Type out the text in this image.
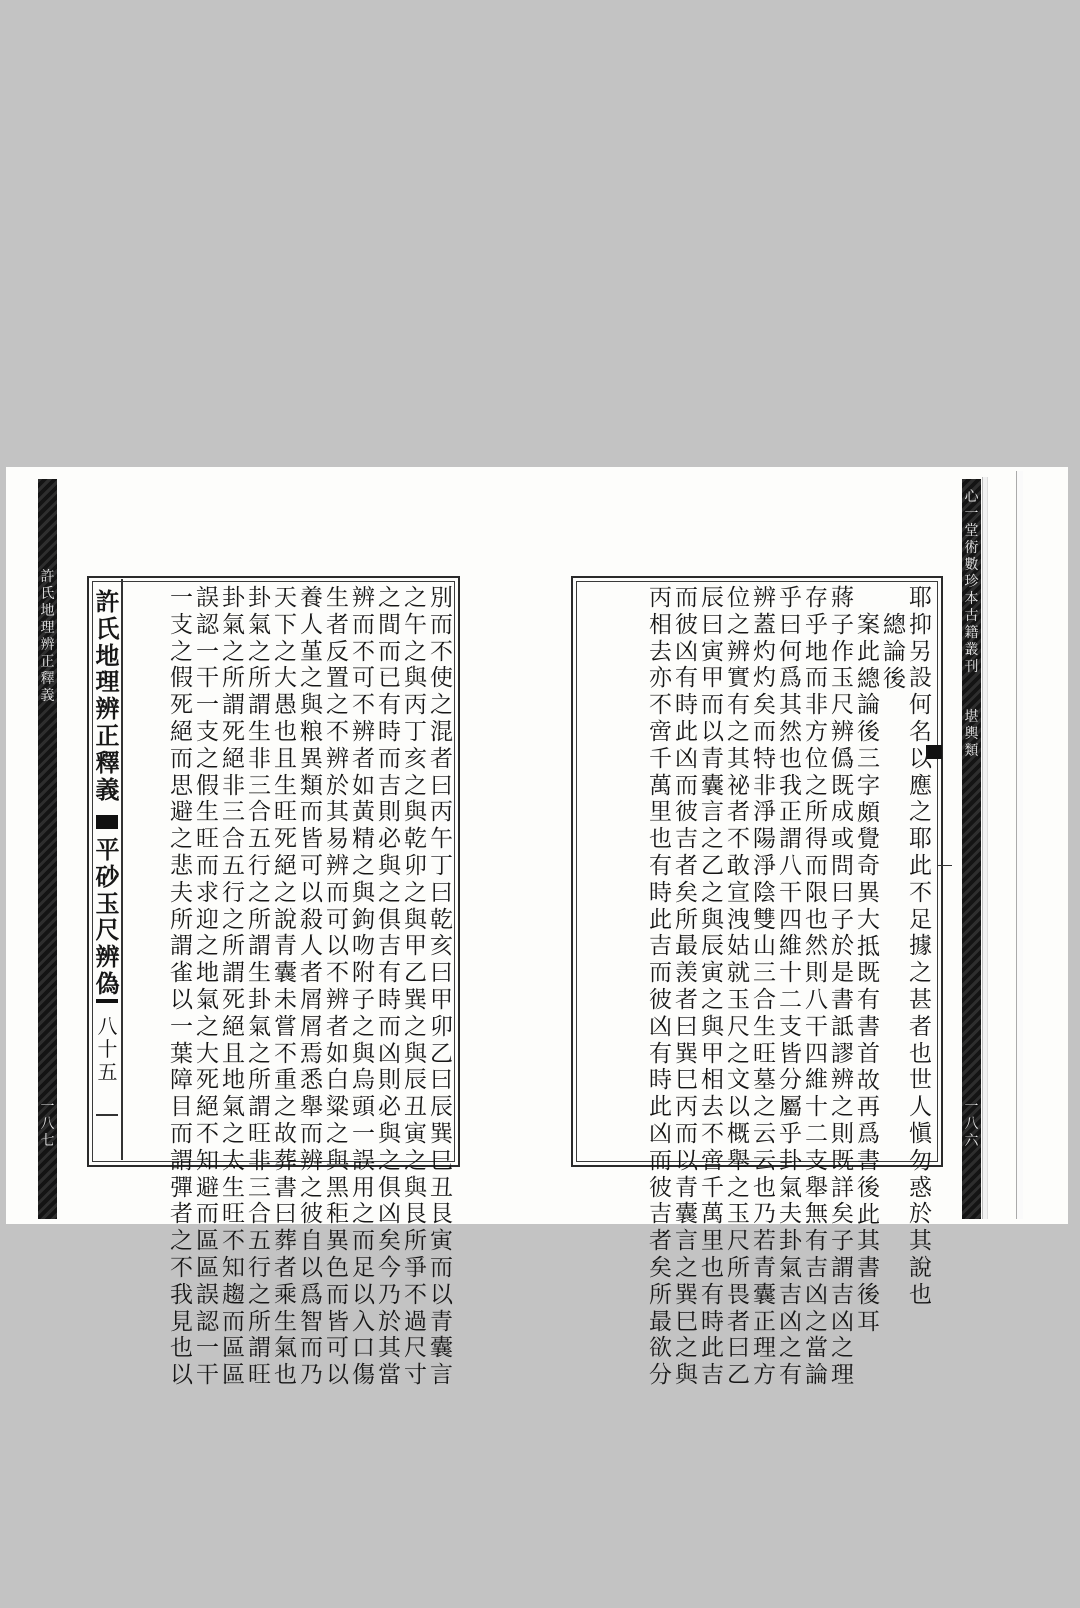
許
氏
地
理
辨
正
釋
義
一
八
七
心
一
堂
術
數
珍
本
古
籍
叢
刊
堪
輿
類
一
八
六
許
氏
地
理
辨
正
釋
義
平
砂
玉
尺
辨
偽
八
十
五
別
而
不
使
之
混
者
曰
丙
午
丁
曰
乾
亥
曰
甲
卯
乙
曰
辰
巽
巳
丑
艮
寅
而
以
青
囊
言
之
午
之
與
丙
丁
亥
之
與
乾
卯
之
與
甲
乙
巽
之
與
辰
丑
寅
之
與
艮
所
爭
不
過
尺
寸
之
間
而
已
有
時
而
吉
則
必
與
之
俱
吉
有
時
而
凶
則
必
與
之
俱
凶
矣
今
乃
於
其
當
辨
而
不
可
不
辨
者
如
黃
精
之
與
鉤
吻
附
子
之
與
烏
頭
一
誤
用
之
而
足
以
入
口
傷
生
者
反
置
之
不
辨
於
其
易
辨
而
可
以
不
辨
者
如
白
粱
之
與
黑
秬
異
色
而
皆
可
以
養
人
堇
之
與
粮
異
類
而
皆
可
以
殺
人
者
屑
屑
焉
悉
舉
而
辨
之
彼
自
以
爲
智
而
乃
天
下
之
大
愚
也
且
生
旺
死
絕
之
說
青
囊
未
嘗
不
重
之
故
葬
書
曰
葬
者
乘
生
氣
也
卦
氣
之
所
謂
生
非
三
合
五
行
之
所
謂
生
卦
氣
之
所
謂
旺
非
三
合
五
行
之
所
謂
旺
卦
氣
之
所
謂
死
絕
非
三
合
五
行
之
所
謂
死
絕
且
地
氣
之
太
生
旺
不
知
趨
而
區
區
誤
認
一
干
一
支
之
假
生
旺
而
求
迎
之
地
氣
之
大
死
絕
不
知
避
而
區
區
誤
認
一
干
一
支
之
假
死
絕
而
思
避
之
悲
夫
所
謂
雀
以
一
葉
障
目
而
謂
彈
者
之
不
我
見
也
以
耶
抑
另
設
何
名
以
應
之
耶
此
不
足
據
之
甚
者
也
世
人
愼
勿
惑
於
其
說
也
總
論
後
案
此
總
論
後
三
字
頗
覺
奇
異
大
抵
既
有
書
首
故
再
爲
書
後
此
其
書
後
耳
蔣
子
作
玉
尺
辨
僞
既
成
或
問
曰
子
於
是
書
詆
謬
辨
之
則
既
詳
矣
子
謂
吉
凶
之
理
存
乎
地
而
非
方
位
之
所
得
而
限
也
然
則
八
干
四
維
十
二
支
舉
無
有
吉
凶
之
當
論
乎
曰
何
爲
其
然
也
我
正
謂
八
干
四
維
十
二
支
皆
分
屬
乎
卦
氣
夫
卦
氣
吉
凶
之
有
辨
蓋
灼
灼
矣
而
特
非
淨
陽
淨
陰
雙
山
三
合
生
旺
墓
之
云
云
也
乃
若
青
囊
正
理
方
位
之
辨
實
有
之
其
祕
者
不
敢
宣
洩
姑
就
玉
尺
之
文
以
概
舉
之
玉
尺
所
畏
者
曰
乙
辰
曰
寅
甲
而
以
青
囊
言
之
乙
之
與
辰
寅
之
與
甲
相
去
不
啻
千
萬
里
也
有
時
此
吉
而
彼
凶
有
時
此
凶
而
彼
吉
者
矣
所
最
羡
者
曰
巽
巳
丙
而
以
青
囊
言
之
巽
巳
之
與
丙
相
去
亦
不
啻
千
萬
里
也
有
時
此
吉
而
彼
凶
有
時
此
凶
而
彼
吉
者
矣
所
最
欲
分
